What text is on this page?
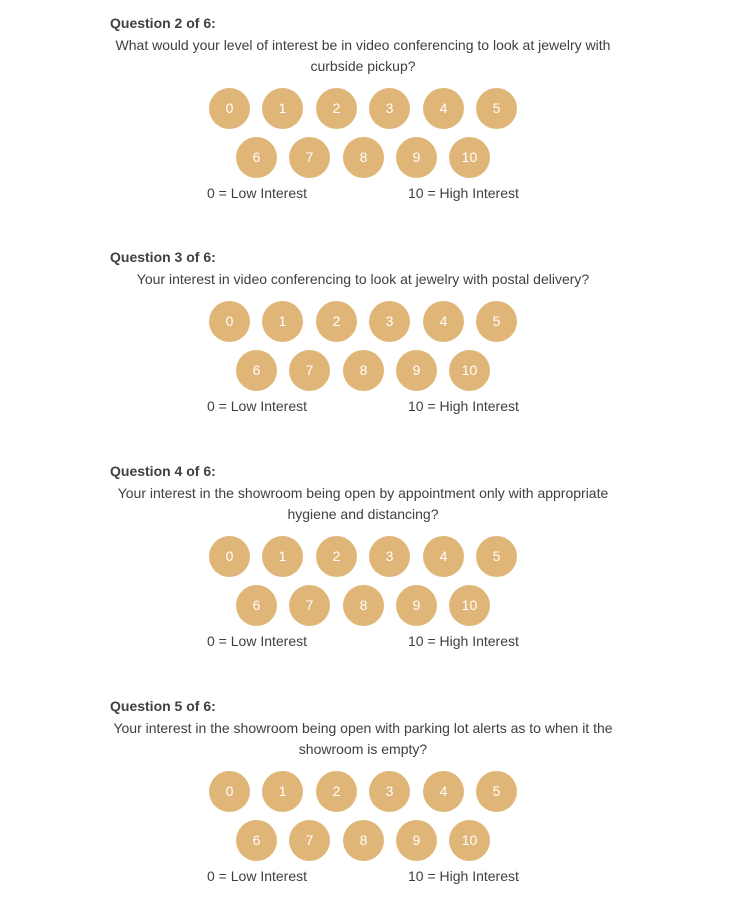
Question 2 of 6:
What would your level of interest be in video conferencing to look at jewelry with curbside pickup?
0	1	2	3	4	5
6	7	8	9	10
0 = Low Interest	10 = High Interest
Question 3 of 6:
Your interest in video conferencing to look at jewelry with postal delivery?
0	1	2	3	4	5
6	7	8	9	10
0 = Low Interest	10 = High Interest
Question 4 of 6:
Your interest in the showroom being open by appointment only with appropriate hygiene and distancing?
0	1	2	3	4	5
6	7	8	9	10
0 = Low Interest	10 = High Interest
Question 5 of 6:
Your interest in the showroom being open with parking lot alerts as to when it the showroom is empty?
0	1	2	3	4	5
6	7	8	9	10
0 = Low Interest	10 = High Interest
